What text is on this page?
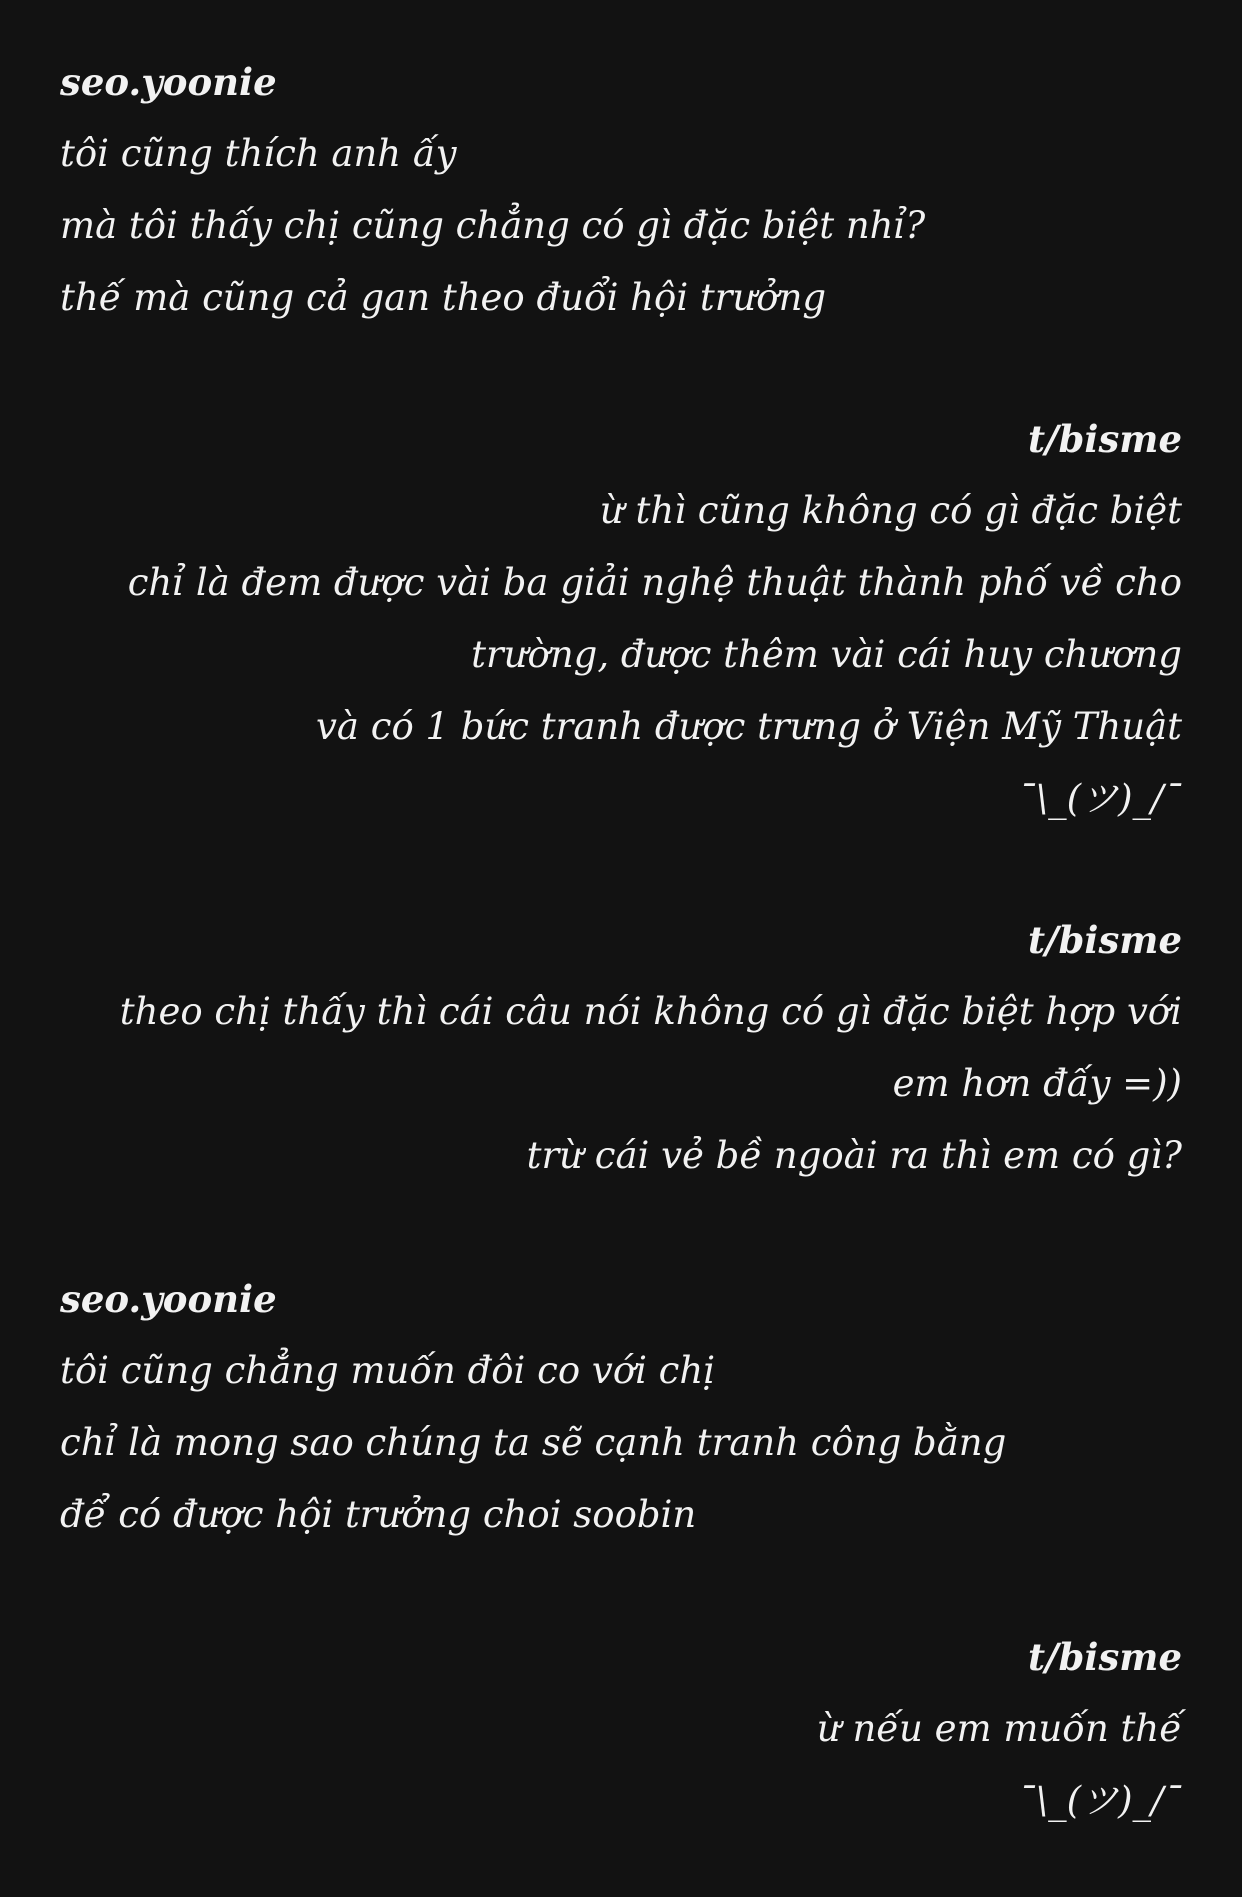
seo.yoonie
tôi cũng thích anh ấy
mà tôi thấy chị cũng chẳng có gì đặc biệt nhỉ?
thế mà cũng cả gan theo đuổi hội trưởng
t/bisme
ừ thì cũng không có gì đặc biệt
chỉ là đem được vài ba giải nghệ thuật thành phố về cho
trường, được thêm vài cái huy chương
và có 1 bức tranh được trưng ở Viện Mỹ Thuật
¯\_(ツ)_/¯
t/bisme
theo chị thấy thì cái câu nói không có gì đặc biệt hợp với
em hơn đấy =))
trừ cái vẻ bề ngoài ra thì em có gì?
seo.yoonie
tôi cũng chẳng muốn đôi co với chị
chỉ là mong sao chúng ta sẽ cạnh tranh công bằng
để có được hội trưởng choi soobin
t/bisme
ừ nếu em muốn thế
¯\_(ツ)_/¯
